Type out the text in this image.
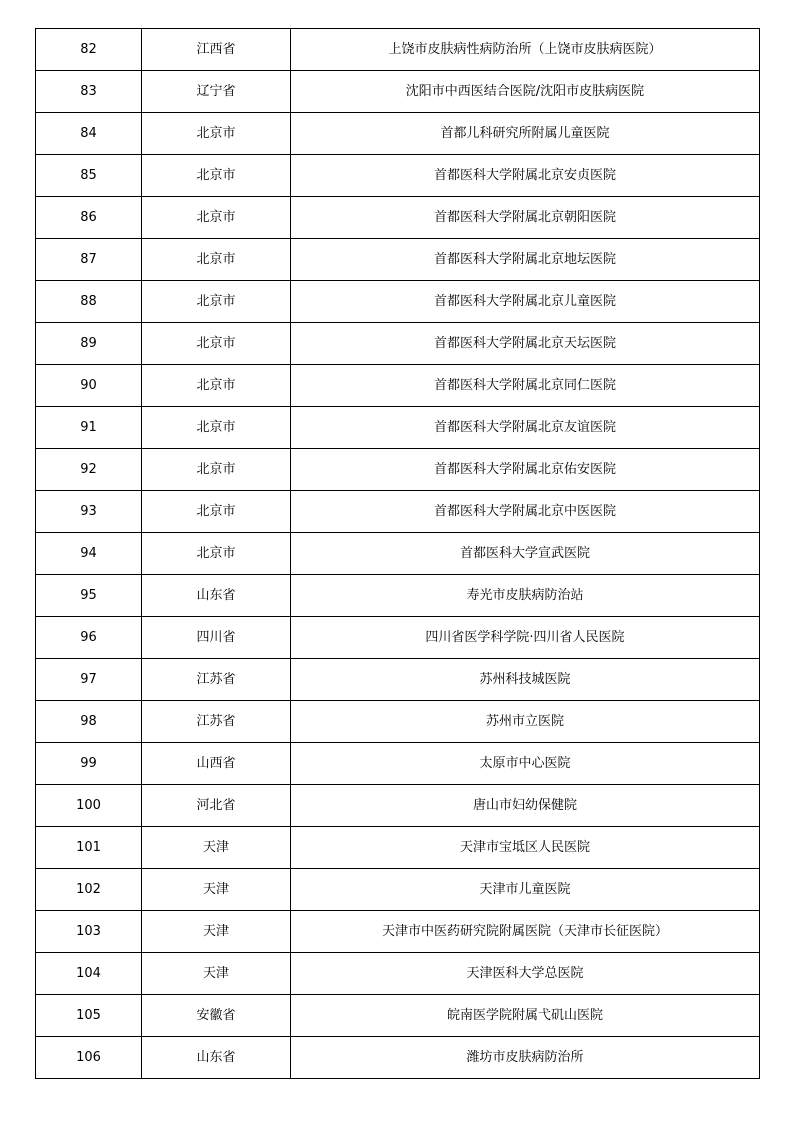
82	江西省	上饶市皮肤病性病防治所（上饶市皮肤病医院）
83	辽宁省	沈阳市中西医结合医院/沈阳市皮肤病医院
84	北京市	首都儿科研究所附属儿童医院
85	北京市	首都医科大学附属北京安贞医院
86	北京市	首都医科大学附属北京朝阳医院
87	北京市	首都医科大学附属北京地坛医院
88	北京市	首都医科大学附属北京儿童医院
89	北京市	首都医科大学附属北京天坛医院
90	北京市	首都医科大学附属北京同仁医院
91	北京市	首都医科大学附属北京友谊医院
92	北京市	首都医科大学附属北京佑安医院
93	北京市	首都医科大学附属北京中医医院
94	北京市	首都医科大学宣武医院
95	山东省	寿光市皮肤病防治站
96	四川省	四川省医学科学院·四川省人民医院
97	江苏省	苏州科技城医院
98	江苏省	苏州市立医院
99	山西省	太原市中心医院
100	河北省	唐山市妇幼保健院
101	天津	天津市宝坻区人民医院
102	天津	天津市儿童医院
103	天津	天津市中医药研究院附属医院（天津市长征医院）
104	天津	天津医科大学总医院
105	安徽省	皖南医学院附属弋矶山医院
106	山东省	潍坊市皮肤病防治所
